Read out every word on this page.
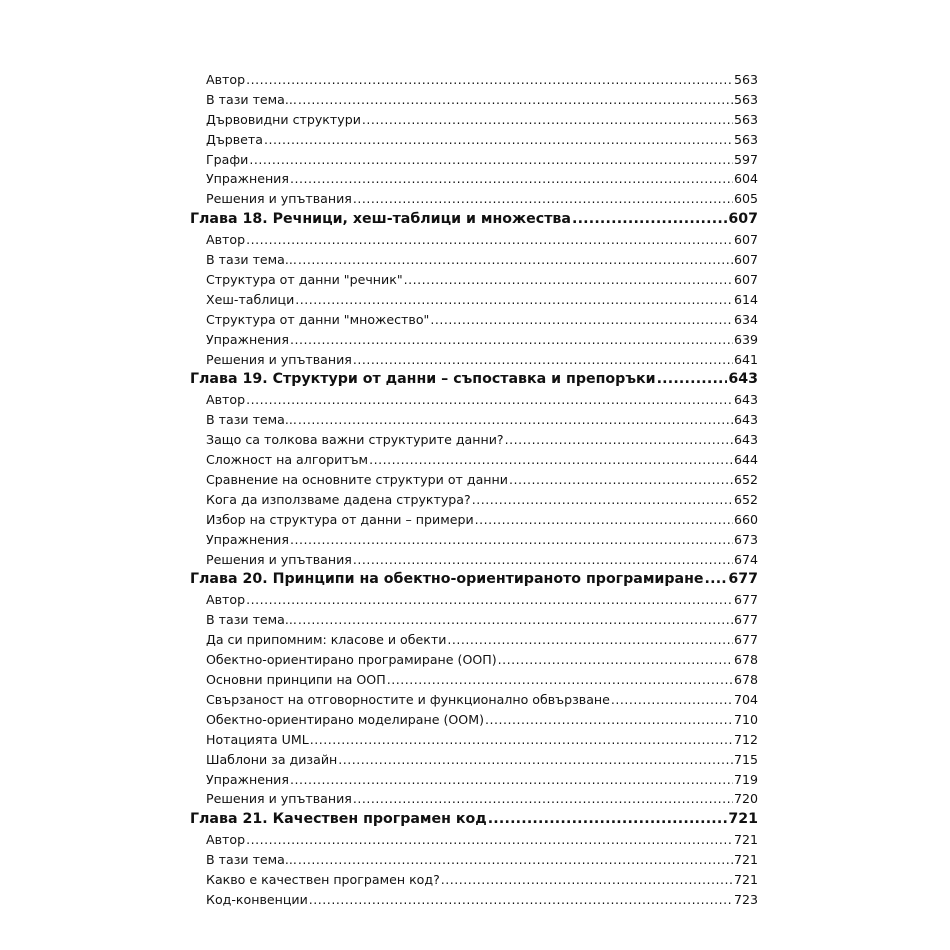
Автор .....	563
В тази тема... .....	563
Дървовидни структури .....	563
Дървета .....	563
Графи .....	597
Упражнения .....	604
Решения и упътвания .....	605
Глава 18. Речници, хеш-таблици и множества .....	607
Автор .....	607
В тази тема... .....	607
Структура от данни "речник" .....	607
Хеш-таблици .....	614
Структура от данни "множество" .....	634
Упражнения .....	639
Решения и упътвания .....	641
Глава 19. Структури от данни – съпоставка и препоръки .....	643
Автор .....	643
В тази тема... .....	643
Защо са толкова важни структурите данни? .....	643
Сложност на алгоритъм .....	644
Сравнение на основните структури от данни .....	652
Кога да използваме дадена структура? .....	652
Избор на структура от данни – примери .....	660
Упражнения .....	673
Решения и упътвания .....	674
Глава 20. Принципи на обектно-ориентираното програмиране ..... 677
Автор .....	677
В тази тема... .....	677
Да си припомним: класове и обекти .....	677
Обектно-ориентирано програмиране (ООП) .....	678
Основни принципи на ООП .....	678
Свързаност на отговорностите и функционално обвързване .....	704
Обектно-ориентирано моделиране (ООМ) .....	710
Нотацията UML .....	712
Шаблони за дизайн .....	715
Упражнения .....	719
Решения и упътвания .....	720
Глава 21. Качествен програмен код .....	721
Автор .....	721
В тази тема... .....	721
Какво е качествен програмен код? .....	721
Код-конвенции .....	723
